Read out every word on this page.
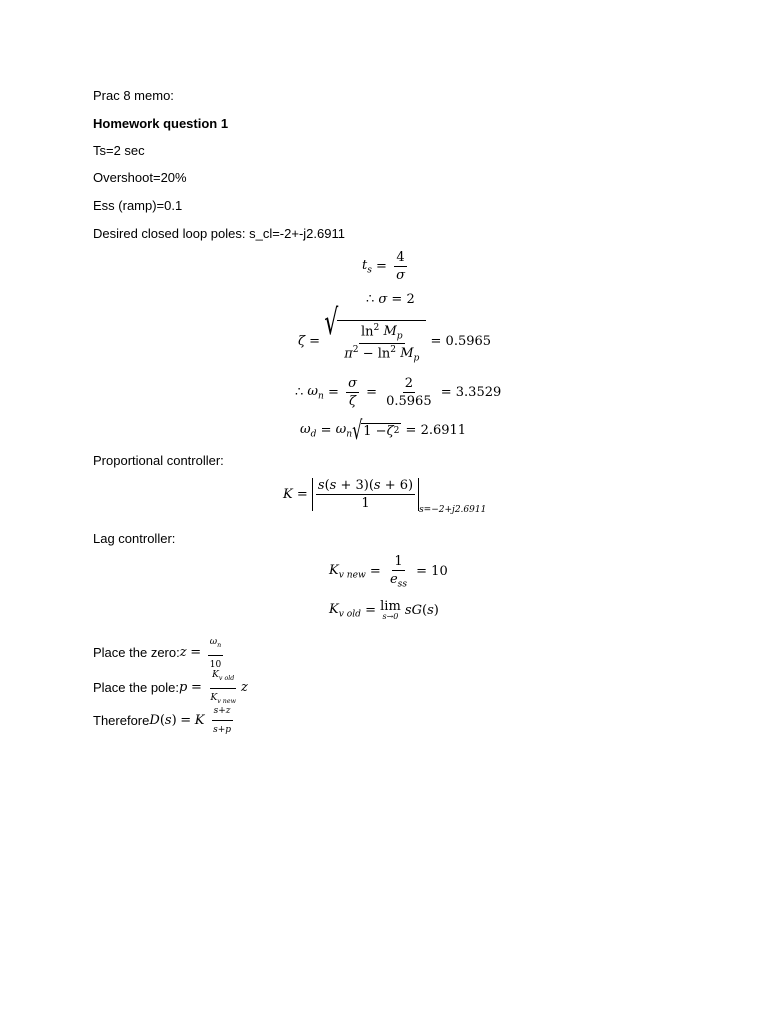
Prac 8 memo:
Homework question 1
Ts=2 sec
Overshoot=20%
Ess (ramp)=0.1
Desired closed loop poles: s_cl=-2+-j2.6911
$t_s = \frac{4}{\sigma}$
∴
σ = 2
ζ = √ $\frac{\ln^2 M_p}{\pi^2 - \ln^2 M_p} = 0.5965$
∴
$\omega_n = \frac{\sigma}{\zeta} = \frac{2}{0.5965} = 3.3529$
$\omega_d = \omega_n$ √ 1 − ζ 2 = 2.6911
Proportional controller:
$K = \frac{s(s + 3)(s + 6)}{1} s=-2+j2.6911$
Lag controller:
$K_{v new} = \frac{1}{e_{ss}} = 10$
$K_{v old} = \lim$
s→0
sG ( s )
Place the zero: z
=
$\frac{\omega_n}{10}$
Place the pole: p
=
$\frac{K_{v old}}{K_{v new}}$ z
Therefore D ( s )
=
K
$\frac{s+z}{s+p}$
